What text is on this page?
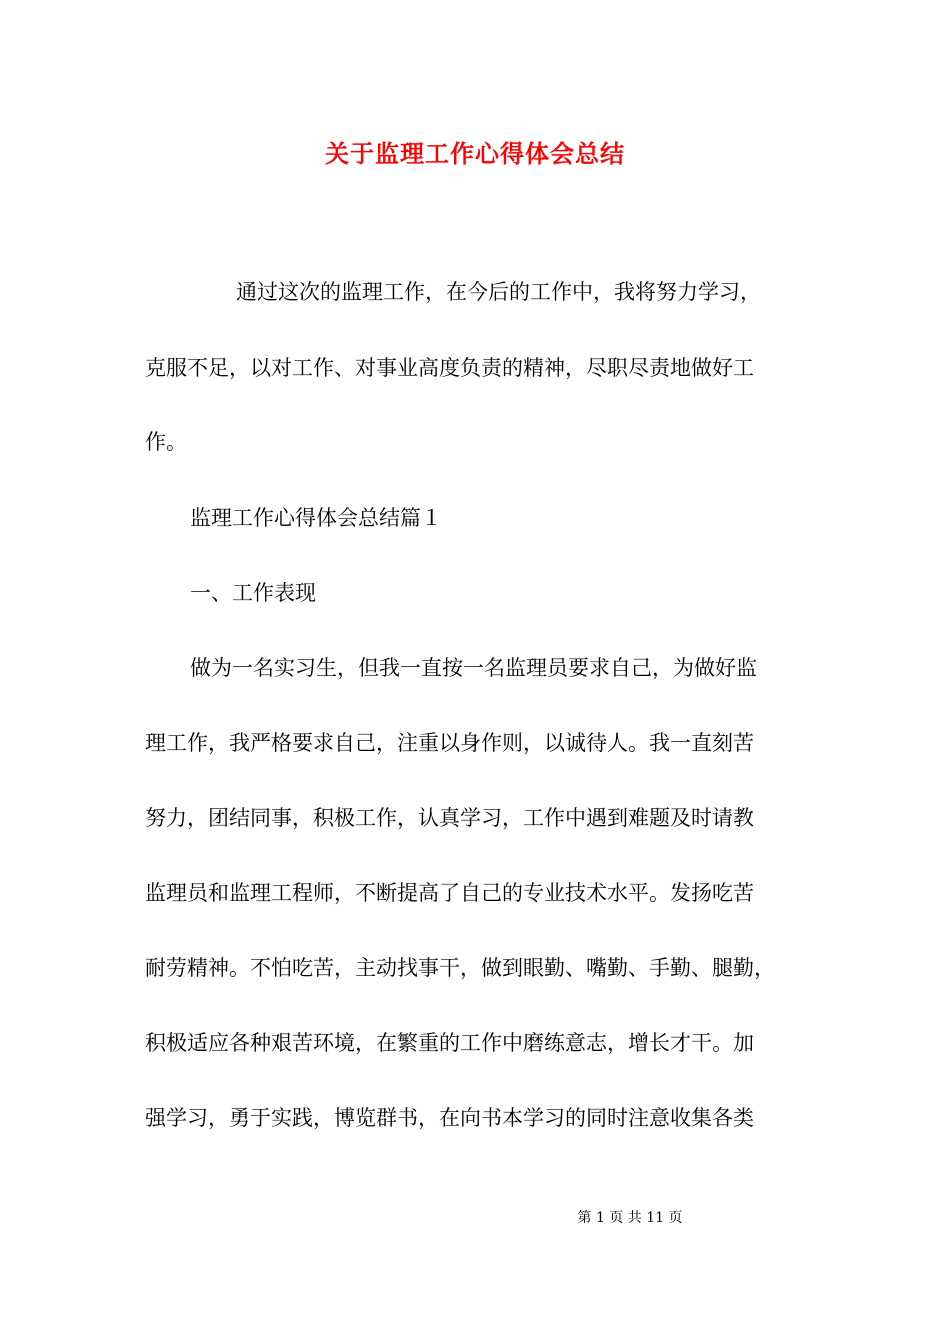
关于监理工作心得体会总结
通过这次的监理工作，在今后的工作中，我将努力学习，
克服不足，以对工作、对事业高度负责的精神，尽职尽责地做好工
作。
监理工作心得体会总结篇１
一、工作表现
做为一名实习生，但我一直按一名监理员要求自己，为做好监
理工作，我严格要求自己，注重以身作则，以诚待人。我一直刻苦
努力，团结同事，积极工作，认真学习，工作中遇到难题及时请教
监理员和监理工程师，不断提高了自己的专业技术水平。发扬吃苦
耐劳精神。不怕吃苦，主动找事干，做到眼勤、嘴勤、手勤、腿勤，
积极适应各种艰苦环境，在繁重的工作中磨练意志，增长才干。加
强学习，勇于实践，博览群书，在向书本学习的同时注意收集各类
第 1 页 共 11 页
